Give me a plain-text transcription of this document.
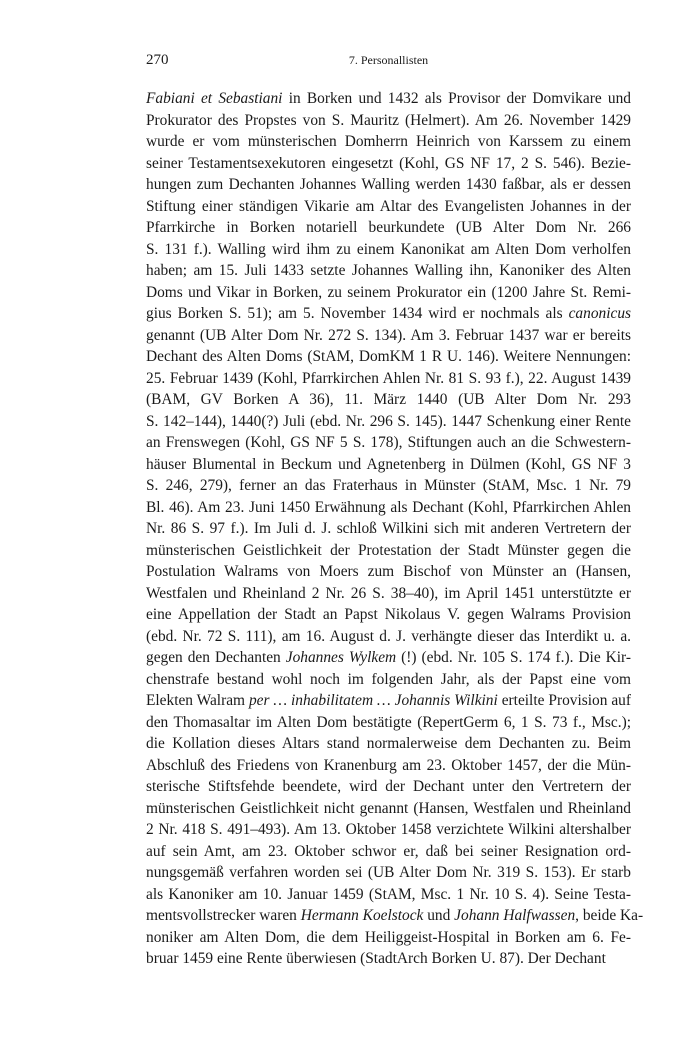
270	7. Personallisten
Fabiani et Sebastiani in Borken und 1432 als Provisor der Domvikare und
Prokurator des Propstes von S. Mauritz (Helmert). Am 26. November 1429
wurde er vom münsterischen Domherrn Heinrich von Karssem zu einem
seiner Testamentsexekutoren eingesetzt (Kohl, GS NF 17, 2 S. 546). Bezie-
hungen zum Dechanten Johannes Walling werden 1430 faßbar, als er dessen
Stiftung einer ständigen Vikarie am Altar des Evangelisten Johannes in der
Pfarrkirche in Borken notariell beurkundete (UB Alter Dom Nr. 266
S. 131 f.). Walling wird ihm zu einem Kanonikat am Alten Dom verholfen
haben; am 15. Juli 1433 setzte Johannes Walling ihn, Kanoniker des Alten
Doms und Vikar in Borken, zu seinem Prokurator ein (1200 Jahre St. Remi-
gius Borken S. 51); am 5. November 1434 wird er nochmals als canonicus
genannt (UB Alter Dom Nr. 272 S. 134). Am 3. Februar 1437 war er bereits
Dechant des Alten Doms (StAM, DomKM 1 R U. 146). Weitere Nennungen:
25. Februar 1439 (Kohl, Pfarrkirchen Ahlen Nr. 81 S. 93 f.), 22. August 1439
(BAM, GV Borken A 36), 11. März 1440 (UB Alter Dom Nr. 293
S. 142–144), 1440(?) Juli (ebd. Nr. 296 S. 145). 1447 Schenkung einer Rente
an Frenswegen (Kohl, GS NF 5 S. 178), Stiftungen auch an die Schwestern-
häuser Blumental in Beckum und Agnetenberg in Dülmen (Kohl, GS NF 3
S. 246, 279), ferner an das Fraterhaus in Münster (StAM, Msc. 1 Nr. 79
Bl. 46). Am 23. Juni 1450 Erwähnung als Dechant (Kohl, Pfarrkirchen Ahlen
Nr. 86 S. 97 f.). Im Juli d. J. schloß Wilkini sich mit anderen Vertretern der
münsterischen Geistlichkeit der Protestation der Stadt Münster gegen die
Postulation Walrams von Moers zum Bischof von Münster an (Hansen,
Westfalen und Rheinland 2 Nr. 26 S. 38–40), im April 1451 unterstützte er
eine Appellation der Stadt an Papst Nikolaus V. gegen Walrams Provision
(ebd. Nr. 72 S. 111), am 16. August d. J. verhängte dieser das Interdikt u. a.
gegen den Dechanten Johannes Wylkem (!) (ebd. Nr. 105 S. 174 f.). Die Kir-
chenstrafe bestand wohl noch im folgenden Jahr, als der Papst eine vom
Elekten Walram per … inhabilitatem … Johannis Wilkini erteilte Provision auf
den Thomasaltar im Alten Dom bestätigte (RepertGerm 6, 1 S. 73 f., Msc.);
die Kollation dieses Altars stand normalerweise dem Dechanten zu. Beim
Abschluß des Friedens von Kranenburg am 23. Oktober 1457, der die Mün-
sterische Stiftsfehde beendete, wird der Dechant unter den Vertretern der
münsterischen Geistlichkeit nicht genannt (Hansen, Westfalen und Rheinland
2 Nr. 418 S. 491–493). Am 13. Oktober 1458 verzichtete Wilkini altershalber
auf sein Amt, am 23. Oktober schwor er, daß bei seiner Resignation ord-
nungsgemäß verfahren worden sei (UB Alter Dom Nr. 319 S. 153). Er starb
als Kanoniker am 10. Januar 1459 (StAM, Msc. 1 Nr. 10 S. 4). Seine Testa-
mentsvollstrecker waren Hermann Koelstock und Johann Halfwassen, beide Ka-
noniker am Alten Dom, die dem Heiliggeist-Hospital in Borken am 6. Fe-
bruar 1459 eine Rente überwiesen (StadtArch Borken U. 87). Der Dechant
